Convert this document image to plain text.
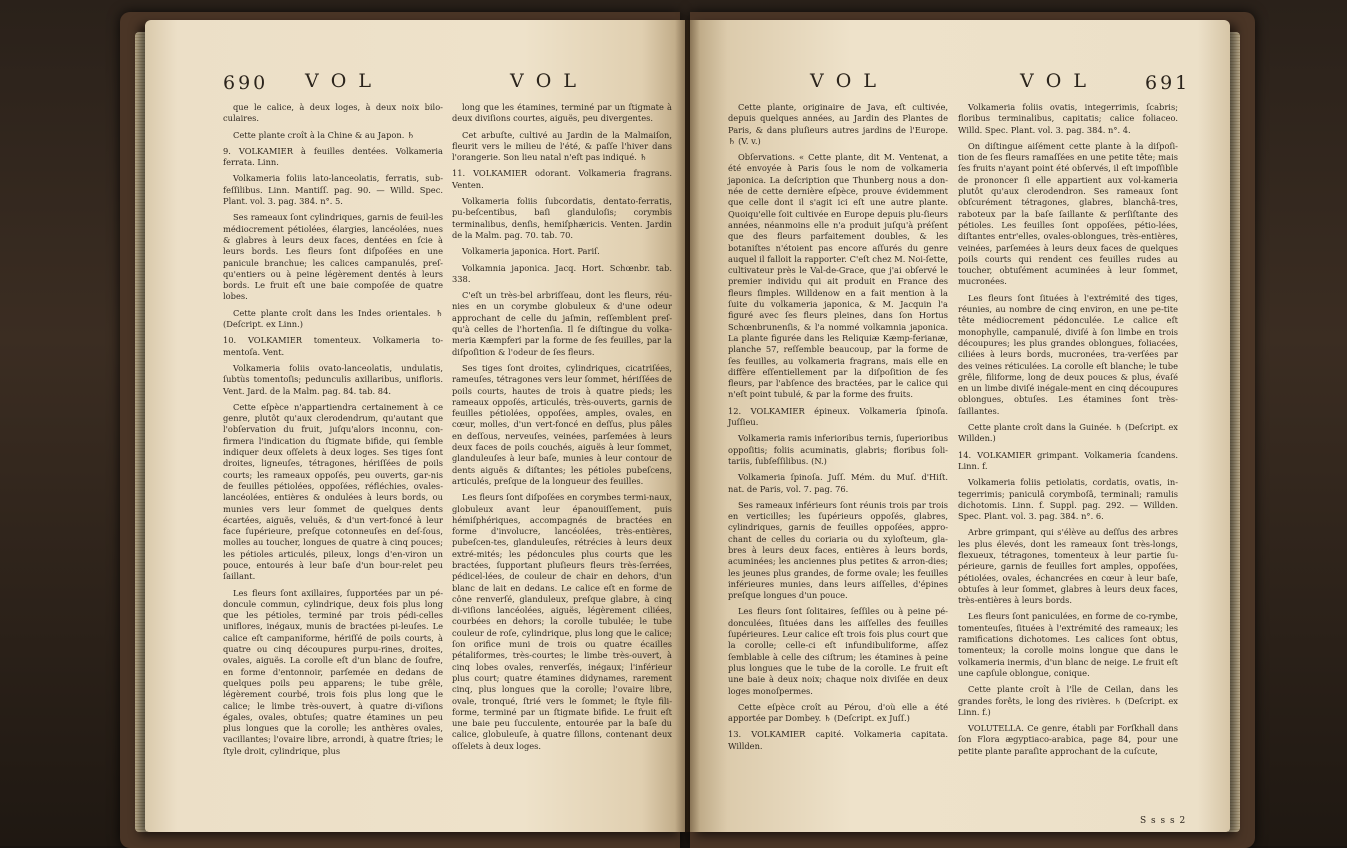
690 V O L	V O L

que le calice, à deux loges, à deux noix bilo-culaires.

Cette plante croît à la Chine & au Japon. ♄

9. VOLKAMIER à feuilles dentées. Volkameria ferrata. Linn.

Volkameria foliis lato-lanceolatis, ferratis, sub-feſſilibus. Linn. Mantiſſ. pag. 90. — Willd. Spec. Plant. vol. 3. pag. 384. n°. 5.

Ses rameaux ſont cylindriques, garnis de feuil-les médiocrement pétiolées, élargies, lancéolées, nues & glabres à leurs deux faces, dentées en ſcie à leurs bords. Les fleurs ſont diſpoſées en une panicule branchue; les calices campanulés, preſ-qu'entiers ou à peine légèrement dentés à leurs bords. Le fruit eſt une baie compoſée de quatre lobes.

Cette plante croît dans les Indes orientales. ♄ (Deſcript. ex Linn.)

10. VOLKAMIER tomenteux. Volkameria to-mentoſa. Vent.

Volkameria foliis ovato-lanceolatis, undulatis, ſubtùs tomentoſis; pedunculis axillaribus, unifloris. Vent. Jard. de la Malm. pag. 84. tab. 84.

Cette eſpèce n'appartiendra certainement à ce genre, plutôt qu'aux clerodendrum, qu'autant que l'obſervation du fruit, juſqu'alors inconnu, con-firmera l'indication du ſtigmate bifide, qui ſemble indiquer deux oſſelets à deux loges. Ses tiges ſont droites, ligneuſes, tétragones, hériſſées de poils courts; les rameaux oppoſés, peu ouverts, gar-nis de feuilles pétiolées, oppoſées, réfléchies, ovales-lancéolées, entières & ondulées à leurs bords, ou munies vers leur ſommet de quelques dents écartées, aiguës, veluës, & d'un vert-foncé à leur face ſupérieure, preſque cotonneuſes en deſ-ſous, molles au toucher, longues de quatre à cinq pouces; les pétioles articulés, pileux, longs d'en-viron un pouce, entourés à leur baſe d'un bour-relet peu ſaillant.

Les fleurs ſont axillaires, ſupportées par un pé-doncule commun, cylindrique, deux fois plus long que les pétioles, terminé par trois pédi-celles uniflores, inégaux, munis de bractées pi-leuſes. Le calice eſt campaniforme, hériſſé de poils courts, à quatre ou cinq découpures purpu-rines, droites, ovales, aiguës. La corolle eſt d'un blanc de ſoufre, en forme d'entonnoir, parſemée en dedans de quelques poils peu apparens; le tube grêle, légèrement courbé, trois fois plus long que le calice; le limbe très-ouvert, à quatre di-viſions égales, ovales, obtuſes; quatre étamines un peu plus longues que la corolle; les anthères ovales, vacillantes; l'ovaire libre, arrondi, à quatre ſtries; le ſtyle droit, cylindrique, plus

long que les étamines, terminé par un ſtigmate à deux diviſions courtes, aiguës, peu divergentes.

Cet arbuſte, cultivé au Jardin de la Malmaiſon, fleurit vers le milieu de l'été, & paſſe l'hiver dans l'orangerie. Son lieu natal n'eſt pas indiqué. ♄

11. VOLKAMIER odorant. Volkameria fragrans. Venten.

Volkameria foliis ſubcordatis, dentato-ferratis, pu-beſcentibus, baſi glanduloſis; corymbis terminalibus, denſis, hemiſphæricis. Venten. Jardin de la Malm. pag. 70. tab. 70.

Volkameria japonica. Hort. Pariſ.

Volkamnia japonica. Jacq. Hort. Schœnbr. tab. 338.

C'eſt un très-bel arbriſſeau, dont les fleurs, réu-nies en un corymbe globuleux & d'une odeur approchant de celle du jaſmin, reſſemblent preſ-qu'à celles de l'hortenſia. Il ſe diſtingue du volka-meria Kæmpferi par la forme de ſes feuilles, par la diſpoſition & l'odeur de ſes fleurs.

Ses tiges ſont droites, cylindriques, cicatriſées, rameuſes, tétragones vers leur ſommet, hériſſées de poils courts, hautes de trois à quatre pieds; les rameaux oppoſés, articulés, très-ouverts, garnis de feuilles pétiolées, oppoſées, amples, ovales, en cœur, molles, d'un vert-foncé en deſſus, plus pâles en deſſous, nerveuſes, veinées, parſemées à leurs deux faces de poils couchés, aiguës à leur ſommet, glanduleuſes à leur baſe, munies à leur contour de dents aiguës & diſtantes; les pétioles pubeſcens, articulés, preſque de la longueur des feuilles.

Les fleurs ſont diſpoſées en corymbes termi-naux, globuleux avant leur épanouiſſement, puis hémiſphériques, accompagnés de bractées en forme d'involucre, lancéolées, très-entières, pubeſcen-tes, glanduleuſes, rétrécies à leurs deux extré-mités; les pédoncules plus courts que les bractées, ſupportant pluſieurs fleurs très-ſerrées, pédicel-lées, de couleur de chair en dehors, d'un blanc de lait en dedans. Le calice eſt en forme de cône renverſé, glanduleux, preſque glabre, à cinq di-viſions lancéolées, aiguës, légèrement ciliées, courbées en dehors; la corolle tubulée; le tube couleur de roſe, cylindrique, plus long que le calice; ſon orifice muni de trois ou quatre écailles pétaliformes, très-courtes; le limbe très-ouvert, à cinq lobes ovales, renverſés, inégaux; l'inférieur plus court; quatre étamines didynames, rarement cinq, plus longues que la corolle; l'ovaire libre, ovale, tronqué, ſtrié vers le ſommet; le ſtyle fili-forme, terminé par un ſtigmate bifide. Le fruit eſt une baie peu ſucculente, entourée par la baſe du calice, globuleuſe, à quatre ſillons, contenant deux oſſelets à deux loges.

V O L	V O L	691

Cette plante, originaire de Java, eſt cultivée, depuis quelques années, au Jardin des Plantes de Paris, & dans pluſieurs autres jardins de l'Europe. ♄ (V. v.)

Obſervations. « Cette plante, dit M. Ventenat, a été envoyée à Paris ſous le nom de volkameria japonica. La deſcription que Thunberg nous a don-née de cette dernière eſpèce, prouve évidemment que celle dont il s'agit ici eſt une autre plante. Quoiqu'elle ſoit cultivée en Europe depuis plu-ſieurs années, néanmoins elle n'a produit juſqu'à préſent que des fleurs parfaitement doubles, & les botaniſtes n'étoient pas encore aſſurés du genre auquel il falloit la rapporter. C'eſt chez M. Noi-ſette, cultivateur près le Val-de-Grace, que j'ai obſervé le premier individu qui ait produit en France des fleurs ſimples. Willdenow en a fait mention à la ſuite du volkameria japonica, & M. Jacquin l'a figuré avec ſes fleurs pleines, dans ſon Hortus Schœnbrunenſis, & l'a nommé volkamnia japonica. La plante figurée dans les Reliquiæ Kæmp-ferianæ, planche 57, reſſemble beaucoup, par la forme de ſes feuilles, au volkameria fragrans, mais elle en diffère eſſentiellement par la diſpoſition de ſes fleurs, par l'abſence des bractées, par le calice qui n'eſt point tubulé, & par la forme des fruits.

12. VOLKAMIER épineux. Volkameria ſpinoſa. Juſſieu.

Volkameria ramis inferioribus ternis, ſuperioribus oppoſitis; foliis acuminatis, glabris; floribus ſoli-tariis, ſubſeſſilibus. (N.)

Volkameria ſpinoſa. Juſſ. Mém. du Muſ. d'Hiſt. nat. de Paris, vol. 7. pag. 76.

Ses rameaux inférieurs ſont réunis trois par trois en verticilles; les ſupérieurs oppoſés, glabres, cylindriques, garnis de feuilles oppoſées, appro-chant de celles du coriaria ou du xyloſteum, gla-bres à leurs deux faces, entières à leurs bords, acuminées; les anciennes plus petites & arron-dies; les jeunes plus grandes, de forme ovale; les feuilles inférieures munies, dans leurs aiſſelles, d'épines preſque longues d'un pouce.

Les fleurs ſont ſolitaires, ſeſſiles ou à peine pé-donculées, ſituées dans les aiſſelles des feuilles ſupérieures. Leur calice eſt trois fois plus court que la corolle; celle-ci eſt infundibuliforme, aſſez ſemblable à celle des ciſtrum; les étamines à peine plus longues que le tube de la corolle. Le fruit eſt une baie à deux noix; chaque noix diviſée en deux loges monoſpermes.

Cette eſpèce croît au Pérou, d'où elle a été apportée par Dombey. ♄ (Deſcript. ex Juſſ.)

13. VOLKAMIER capité. Volkameria capitata. Willden.

Volkameria foliis ovatis, integerrimis, ſcabris; floribus terminalibus, capitatis; calice foliaceo. Willd. Spec. Plant. vol. 3. pag. 384. n°. 4.

On diſtingue aiſément cette plante à la diſpoſi-tion de ſes fleurs ramaſſées en une petite tête; mais ſes fruits n'ayant point été obſervés, il eſt impoſſible de prononcer ſi elle appartient aux vol-kameria plutôt qu'aux clerodendron. Ses rameaux ſont obſcurément tétragones, glabres, blanchâ-tres, raboteux par la baſe ſaillante & perſiſtante des pétioles. Les feuilles ſont oppoſées, pétio-lées, diſtantes entr'elles, ovales-oblongues, très-entières, veinées, parſemées à leurs deux faces de quelques poils courts qui rendent ces feuilles rudes au toucher, obtuſément acuminées à leur ſommet, mucronées.

Les fleurs ſont ſituées à l'extrémité des tiges, réunies, au nombre de cinq environ, en une pe-tite tête médiocrement pédonculée. Le calice eſt monophylle, campanulé, diviſé à ſon limbe en trois découpures; les plus grandes oblongues, foliacées, ciliées à leurs bords, mucronées, tra-verſées par des veines réticulées. La corolle eſt blanche; le tube grêle, filiforme, long de deux pouces & plus, évaſé en un limbe diviſé inégale-ment en cinq découpures oblongues, obtuſes. Les étamines ſont très-ſaillantes.

Cette plante croît dans la Guinée. ♄ (Deſcript. ex Willden.)

14. VOLKAMIER grimpant. Volkameria ſcandens. Linn. f.

Volkameria foliis petiolatis, cordatis, ovatis, in-tegerrimis; paniculâ corymboſâ, terminali; ramulis dichotomis. Linn. f. Suppl. pag. 292. — Willden. Spec. Plant. vol. 3. pag. 384. n°. 6.

Arbre grimpant, qui s'élève au deſſus des arbres les plus élevés, dont les rameaux ſont très-longs, flexueux, tétragones, tomenteux à leur partie ſu-périeure, garnis de feuilles fort amples, oppoſées, pétiolées, ovales, échancrées en cœur à leur baſe, obtuſes à leur ſommet, glabres à leurs deux faces, très-entières à leurs bords.

Les fleurs ſont paniculées, en forme de co-rymbe, tomenteuſes, ſituées à l'extrémité des rameaux; les ramifications dichotomes. Les calices ſont obtus, tomenteux; la corolle moins longue que dans le volkameria inermis, d'un blanc de neige. Le fruit eſt une capſule oblongue, conique.

Cette plante croît à l'île de Ceilan, dans les grandes forêts, le long des rivières. ♄ (Deſcript. ex Linn. f.)

VOLUTELLA. Ce genre, établi par Forſkhall dans ſon Flora ægyptiaco-arabica, page 84, pour une petite plante paraſite approchant de la cuſcute,

S s s s 2
